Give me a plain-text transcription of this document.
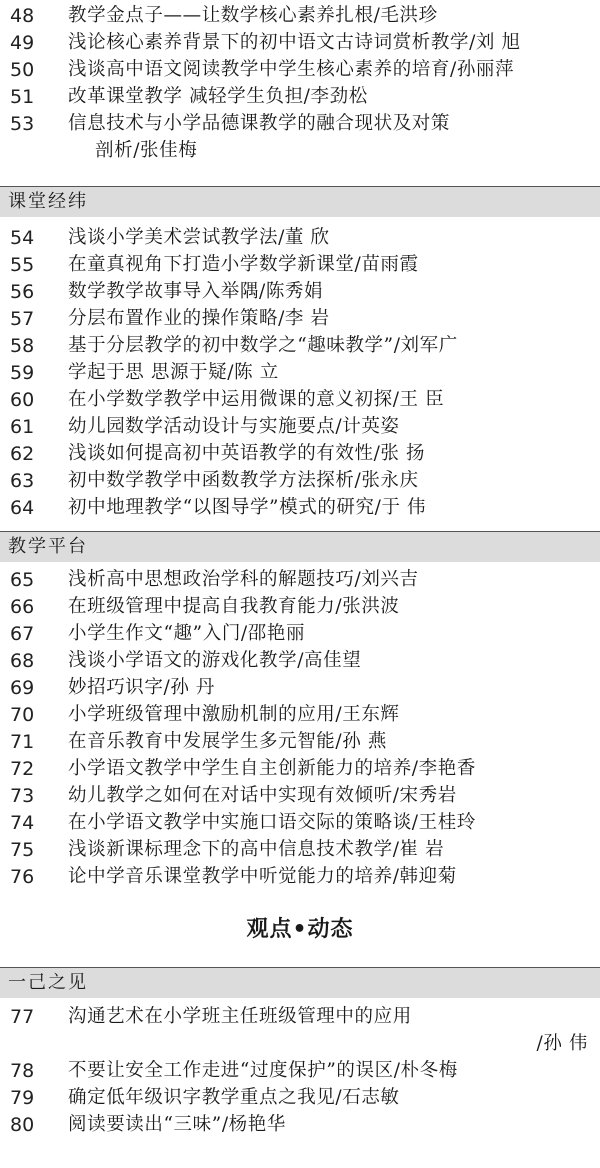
48	教学金点子——让数学核心素养扎根/毛洪珍
49	浅论核心素养背景下的初中语文古诗词赏析教学/刘 旭
50	浅谈高中语文阅读教学中学生核心素养的培育/孙丽萍
51	改革课堂教学 减轻学生负担/李劲松
53	信息技术与小学品德课教学的融合现状及对策
剖析/张佳梅
课堂经纬
54	浅谈小学美术尝试教学法/董 欣
55	在童真视角下打造小学数学新课堂/苗雨霞
56	数学教学故事导入举隅/陈秀娟
57	分层布置作业的操作策略/李 岩
58	基于分层教学的初中数学之“趣味教学”/刘军广
59	学起于思 思源于疑/陈 立
60	在小学数学教学中运用微课的意义初探/王 臣
61	幼儿园数学活动设计与实施要点/计英姿
62	浅谈如何提高初中英语教学的有效性/张 扬
63	初中数学教学中函数教学方法探析/张永庆
64	初中地理教学“以图导学”模式的研究/于 伟
教学平台
65	浅析高中思想政治学科的解题技巧/刘兴吉
66	在班级管理中提高自我教育能力/张洪波
67	小学生作文“趣”入门/邵艳丽
68	浅谈小学语文的游戏化教学/高佳望
69	妙招巧识字/孙 丹
70	小学班级管理中激励机制的应用/王东辉
71	在音乐教育中发展学生多元智能/孙 燕
72	小学语文教学中学生自主创新能力的培养/李艳香
73	幼儿教学之如何在对话中实现有效倾听/宋秀岩
74	在小学语文教学中实施口语交际的策略谈/王桂玲
75	浅谈新课标理念下的高中信息技术教学/崔 岩
76	论中学音乐课堂教学中听觉能力的培养/韩迎菊
观点•动态
一己之见
77	沟通艺术在小学班主任班级管理中的应用
/孙 伟
78	不要让安全工作走进“过度保护”的误区/朴冬梅
79	确定低年级识字教学重点之我见/石志敏
80	阅读要读出“三味”/杨艳华
